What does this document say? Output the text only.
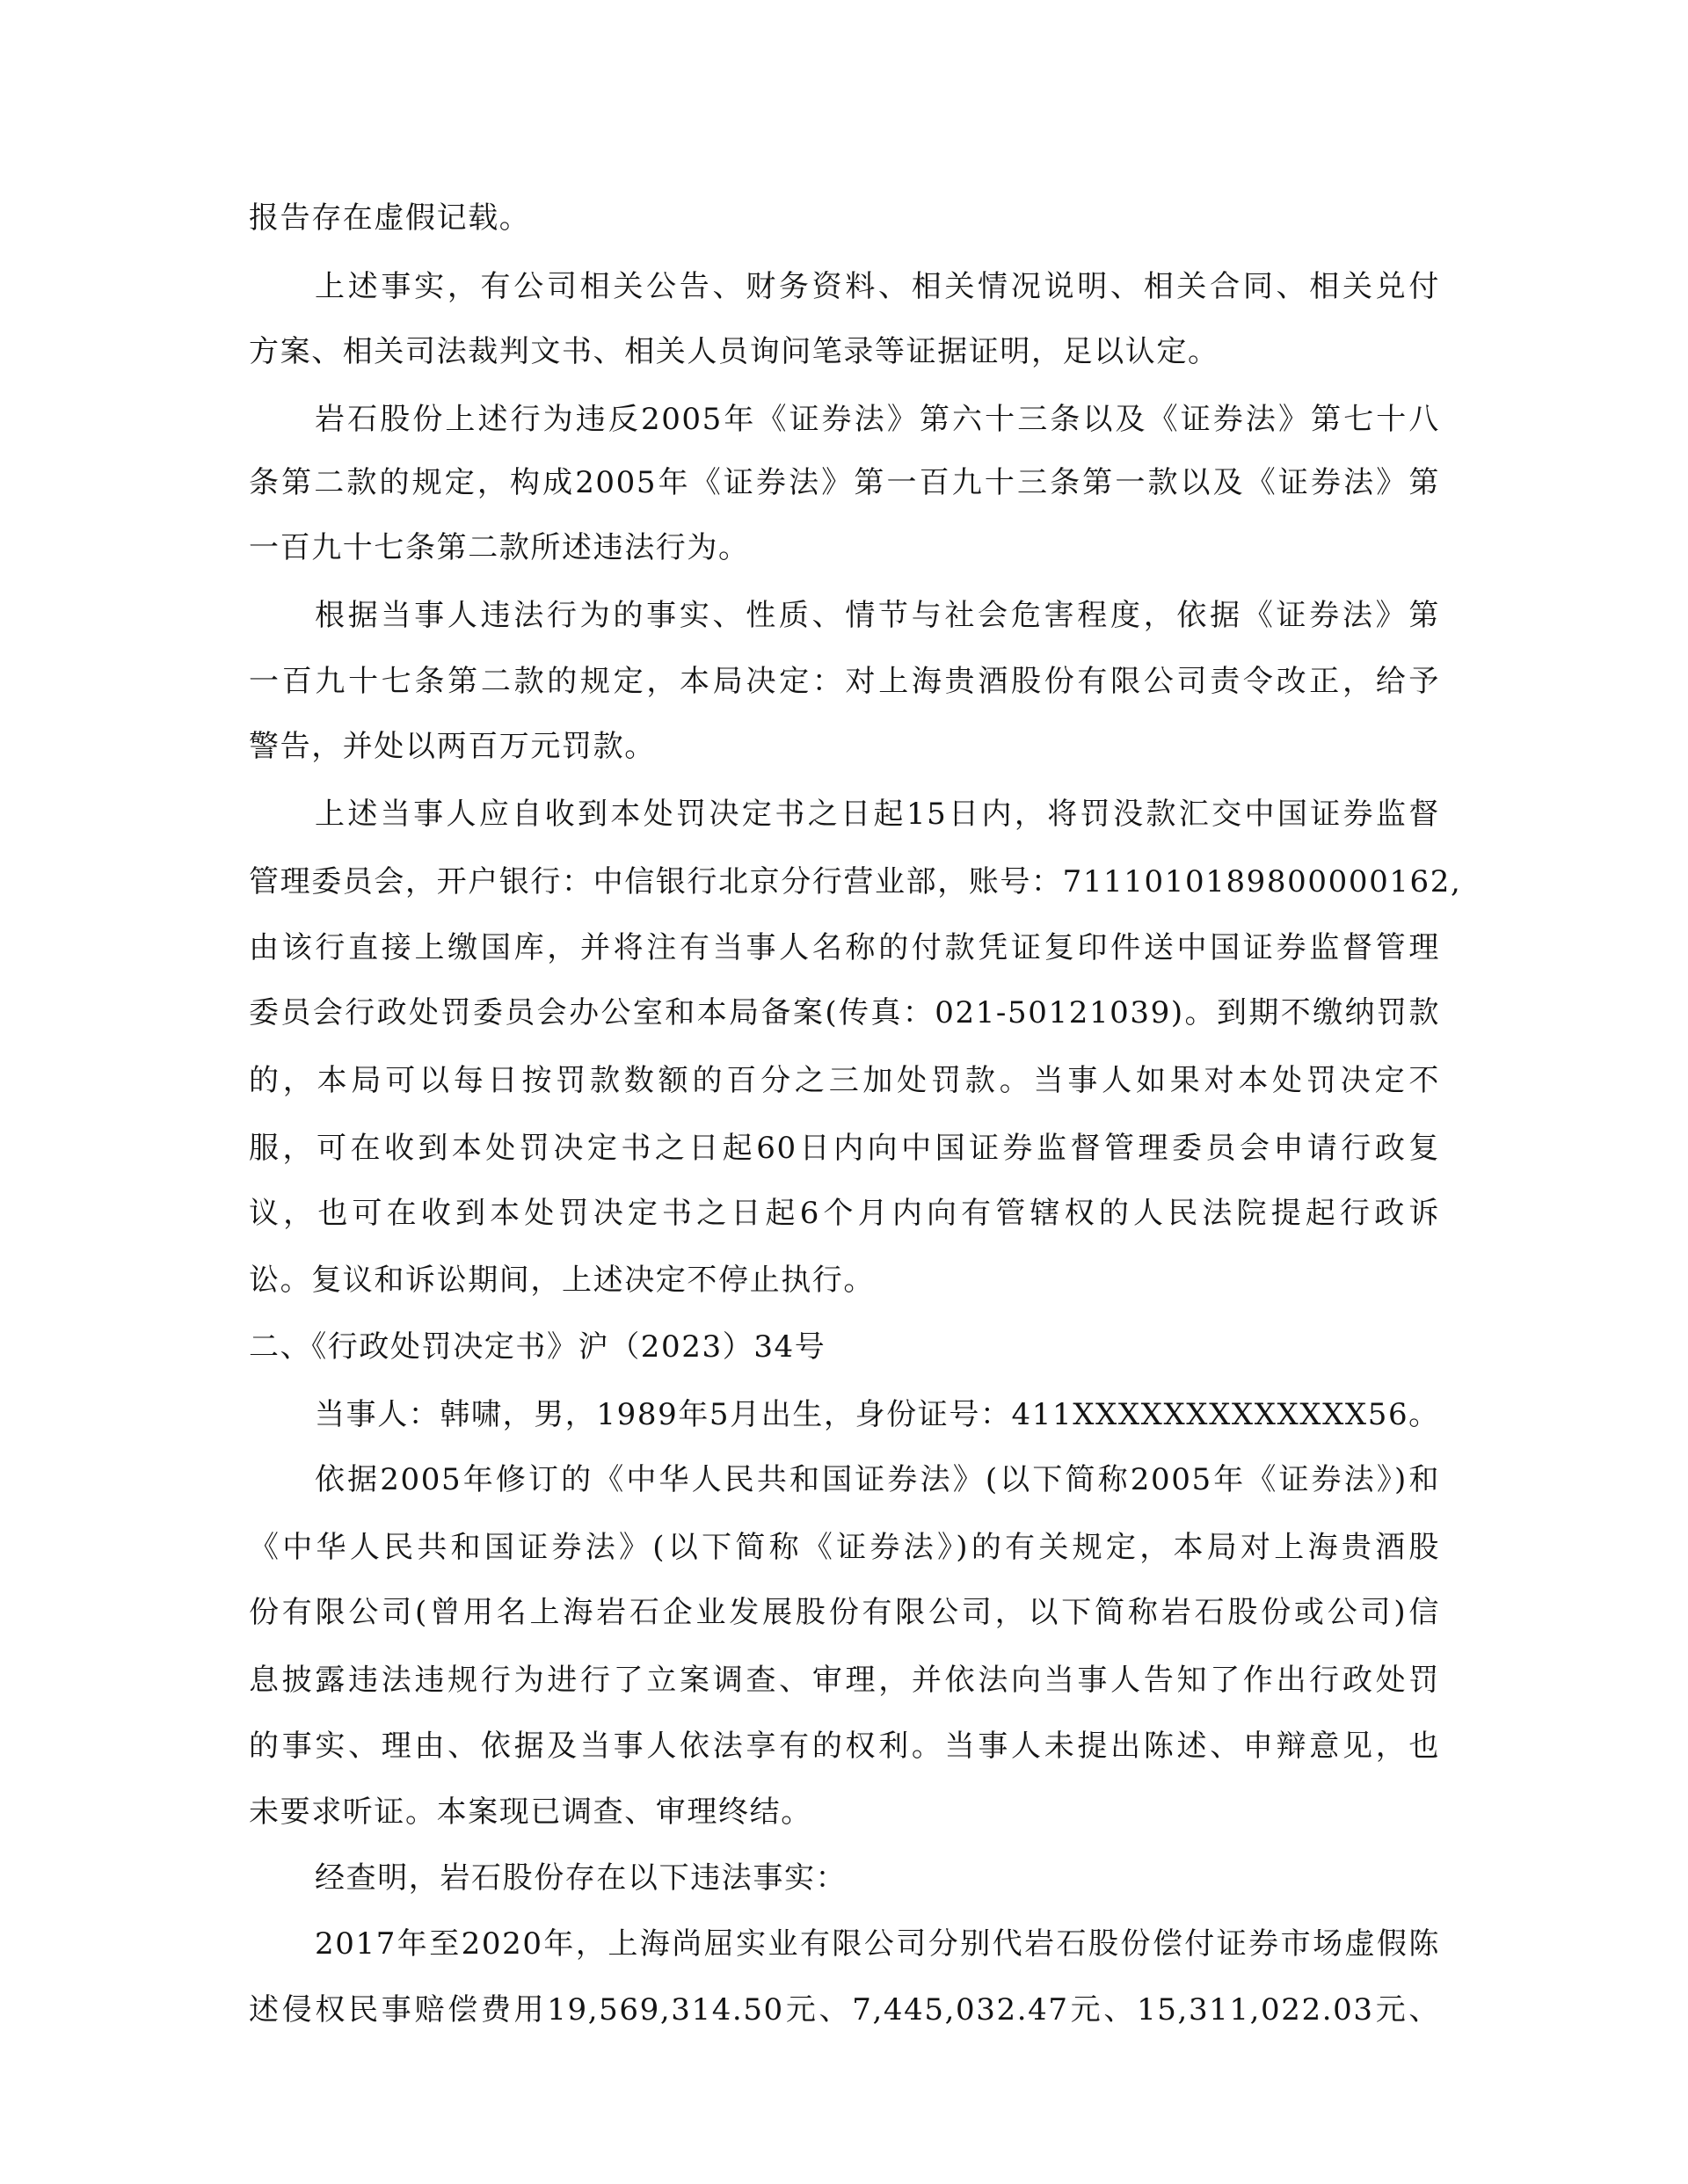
报告存在虚假记载。
上述事实，有公司相关公告、财务资料、相关情况说明、相关合同、相关兑付
方案、相关司法裁判文书、相关人员询问笔录等证据证明，足以认定。
岩石股份上述行为违反2005年《证券法》第六十三条以及《证券法》第七十八
条第二款的规定，构成2005年《证券法》第一百九十三条第一款以及《证券法》第
一百九十七条第二款所述违法行为。
根据当事人违法行为的事实、性质、情节与社会危害程度，依据《证券法》第
一百九十七条第二款的规定，本局决定：对上海贵酒股份有限公司责令改正，给予
警告，并处以两百万元罚款。
上述当事人应自收到本处罚决定书之日起15日内，将罚没款汇交中国证券监督
管理委员会，开户银行：中信银行北京分行营业部，账号：7111010189800000162,
由该行直接上缴国库，并将注有当事人名称的付款凭证复印件送中国证券监督管理
委员会行政处罚委员会办公室和本局备案(传真：021-50121039)。到期不缴纳罚款
的，本局可以每日按罚款数额的百分之三加处罚款。当事人如果对本处罚决定不
服，可在收到本处罚决定书之日起60日内向中国证券监督管理委员会申请行政复
议，也可在收到本处罚决定书之日起6个月内向有管辖权的人民法院提起行政诉
讼。复议和诉讼期间，上述决定不停止执行。
二、《行政处罚决定书》沪（2023）34号
当事人：韩啸，男，1989年5月出生，身份证号：411XXXXXXXXXXXXX56。
依据2005年修订的《中华人民共和国证券法》(以下简称2005年《证券法》)和
《中华人民共和国证券法》(以下简称《证券法》)的有关规定，本局对上海贵酒股
份有限公司(曾用名上海岩石企业发展股份有限公司，以下简称岩石股份或公司)信
息披露违法违规行为进行了立案调查、审理，并依法向当事人告知了作出行政处罚
的事实、理由、依据及当事人依法享有的权利。当事人未提出陈述、申辩意见，也
未要求听证。本案现已调查、审理终结。
经查明，岩石股份存在以下违法事实：
2017年至2020年，上海尚屈实业有限公司分别代岩石股份偿付证券市场虚假陈
述侵权民事赔偿费用19,569,314.50元、7,445,032.47元、15,311,022.03元、
